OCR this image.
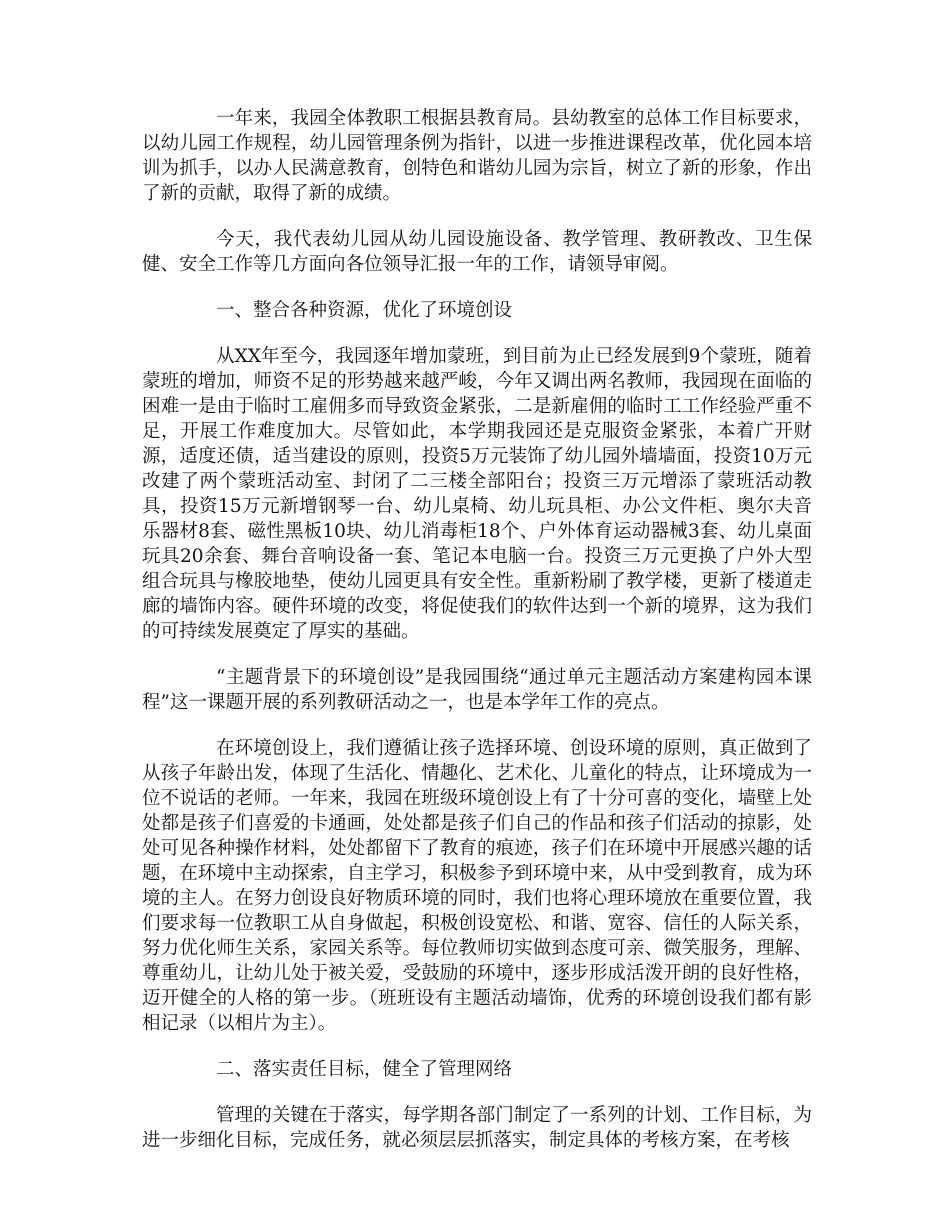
一年来，我园全体教职工根据县教育局。县幼教室的总体工作目标要求，以幼儿园工作规程，幼儿园管理条例为指针，以进一步推进课程改革，优化园本培训为抓手，以办人民满意教育，创特色和谐幼儿园为宗旨，树立了新的形象，作出了新的贡献，取得了新的成绩。

今天，我代表幼儿园从幼儿园设施设备、教学管理、教研教改、卫生保健、安全工作等几方面向各位领导汇报一年的工作，请领导审阅。

一、整合各种资源，优化了环境创设

从XX年至今，我园逐年增加蒙班，到目前为止已经发展到9个蒙班，随着蒙班的增加，师资不足的形势越来越严峻，今年又调出两名教师，我园现在面临的困难一是由于临时工雇佣多而导致资金紧张，二是新雇佣的临时工工作经验严重不足，开展工作难度加大。尽管如此，本学期我园还是克服资金紧张，本着广开财源，适度还债，适当建设的原则，投资5万元装饰了幼儿园外墙墙面，投资10万元改建了两个蒙班活动室、封闭了二三楼全部阳台；投资三万元增添了蒙班活动教具，投资15万元新增钢琴一台、幼儿桌椅、幼儿玩具柜、办公文件柜、奥尔夫音乐器材8套、磁性黑板10块、幼儿消毒柜18个、户外体育运动器械3套、幼儿桌面玩具20余套、舞台音响设备一套、笔记本电脑一台。投资三万元更换了户外大型组合玩具与橡胶地垫，使幼儿园更具有安全性。重新粉刷了教学楼，更新了楼道走廊的墙饰内容。硬件环境的改变，将促使我们的软件达到一个新的境界，这为我们的可持续发展奠定了厚实的基础。

“主题背景下的环境创设”是我园围绕“通过单元主题活动方案建构园本课程”这一课题开展的系列教研活动之一，也是本学年工作的亮点。

在环境创设上，我们遵循让孩子选择环境、创设环境的原则，真正做到了从孩子年龄出发，体现了生活化、情趣化、艺术化、儿童化的特点，让环境成为一位不说话的老师。一年来，我园在班级环境创设上有了十分可喜的变化，墙壁上处处都是孩子们喜爱的卡通画，处处都是孩子们自己的作品和孩子们活动的掠影，处处可见各种操作材料，处处都留下了教育的痕迹，孩子们在环境中开展感兴趣的话题，在环境中主动探索，自主学习，积极参予到环境中来，从中受到教育，成为环境的主人。在努力创设良好物质环境的同时，我们也将心理环境放在重要位置，我们要求每一位教职工从自身做起，积极创设宽松、和谐、宽容、信任的人际关系，努力优化师生关系，家园关系等。每位教师切实做到态度可亲、微笑服务，理解、尊重幼儿，让幼儿处于被关爱，受鼓励的环境中，逐步形成活泼开朗的良好性格，迈开健全的人格的第一步。（班班设有主题活动墙饰，优秀的环境创设我们都有影相记录（以相片为主）。

二、落实责任目标，健全了管理网络

管理的关键在于落实，每学期各部门制定了一系列的计划、工作目标，为进一步细化目标，完成任务，就必须层层抓落实，制定具体的考核方案，在考核
